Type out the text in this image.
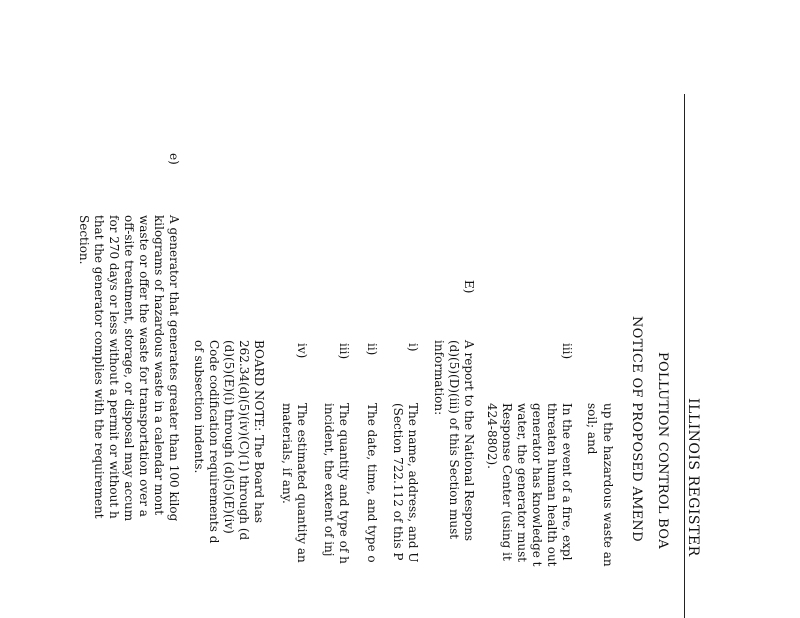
ILLINOIS REGISTER
POLLUTION CONTROL BOA
NOTICE OF PROPOSED AMEND
up the hazardous waste an
soil; and
iii)
In the event of a fire, expl
threaten human health out
generator has knowledge t
water, the generator must
Response Center (using it
424-8802).
E)
A report to the National Respons
(d)(5)(D)(iii) of this Section must
information:
i)
The name, address, and U
(Section 722.112 of this P
ii)
The date, time, and type o
iii)
The quantity and type of h
incident, the extent of inj
iv)
The estimated quantity an
materials, if any.
BOARD NOTE: The Board has
262.34(d)(5)(iv)(C)(1) through (d
(d)(5)(E)(i) through (d)(5)(E)(iv)
Code codification requirements d
of subsection indents.
e)
A generator that generates greater than 100 kilog
kilograms of hazardous waste in a calendar mont
waste or offer the waste for transportation over a
off-site treatment, storage, or disposal may accum
for 270 days or less without a permit or without h
that the generator complies with the requirement
Section.
